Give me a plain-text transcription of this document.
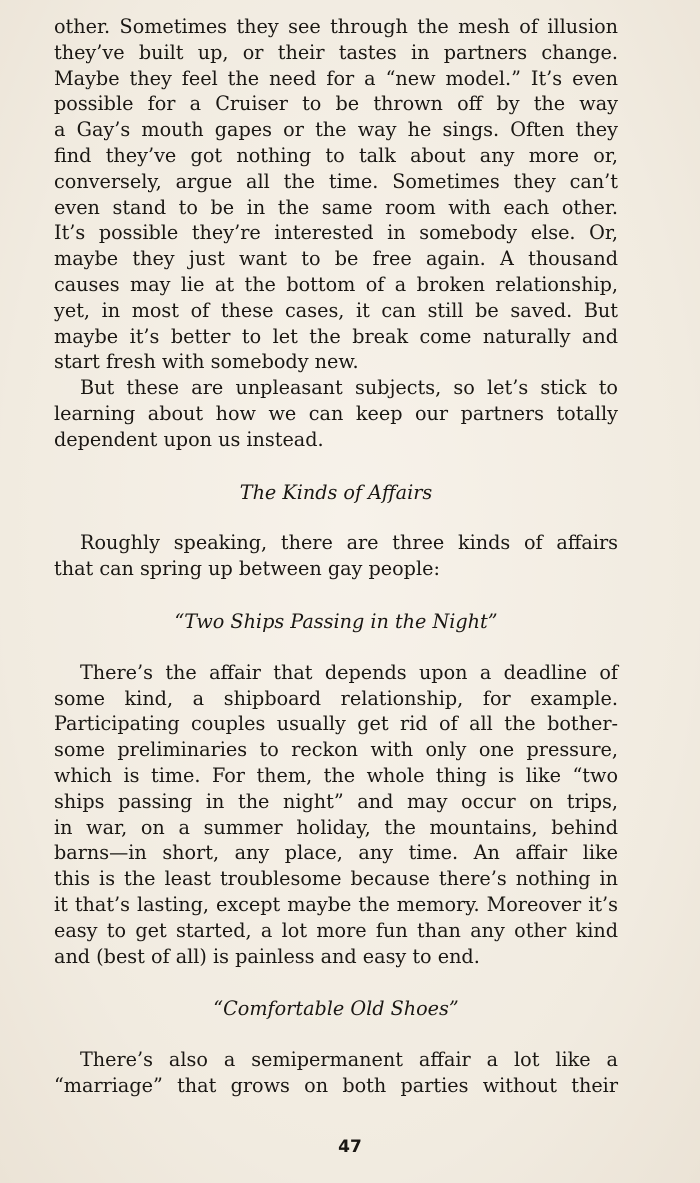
other. Sometimes they see through the mesh of illusion
they’ve built up, or their tastes in partners change.
Maybe they feel the need for a “new model.” It’s even
possible for a Cruiser to be thrown off by the way
a Gay’s mouth gapes or the way he sings. Often they
find they’ve got nothing to talk about any more or,
conversely, argue all the time. Sometimes they can’t
even stand to be in the same room with each other.
It’s possible they’re interested in somebody else. Or,
maybe they just want to be free again. A thousand
causes may lie at the bottom of a broken relationship,
yet, in most of these cases, it can still be saved. But
maybe it’s better to let the break come naturally and
start fresh with somebody new.
But these are unpleasant subjects, so let’s stick to
learning about how we can keep our partners totally
dependent upon us instead.

The Kinds of Affairs

Roughly speaking, there are three kinds of affairs
that can spring up between gay people:

“Two Ships Passing in the Night”

There’s the affair that depends upon a deadline of
some kind, a shipboard relationship, for example.
Participating couples usually get rid of all the bother-
some preliminaries to reckon with only one pressure,
which is time. For them, the whole thing is like “two
ships passing in the night” and may occur on trips,
in war, on a summer holiday, the mountains, behind
barns—in short, any place, any time. An affair like
this is the least troublesome because there’s nothing in
it that’s lasting, except maybe the memory. Moreover it’s
easy to get started, a lot more fun than any other kind
and (best of all) is painless and easy to end.

“Comfortable Old Shoes”

There’s also a semipermanent affair a lot like a
“marriage” that grows on both parties without their
47
